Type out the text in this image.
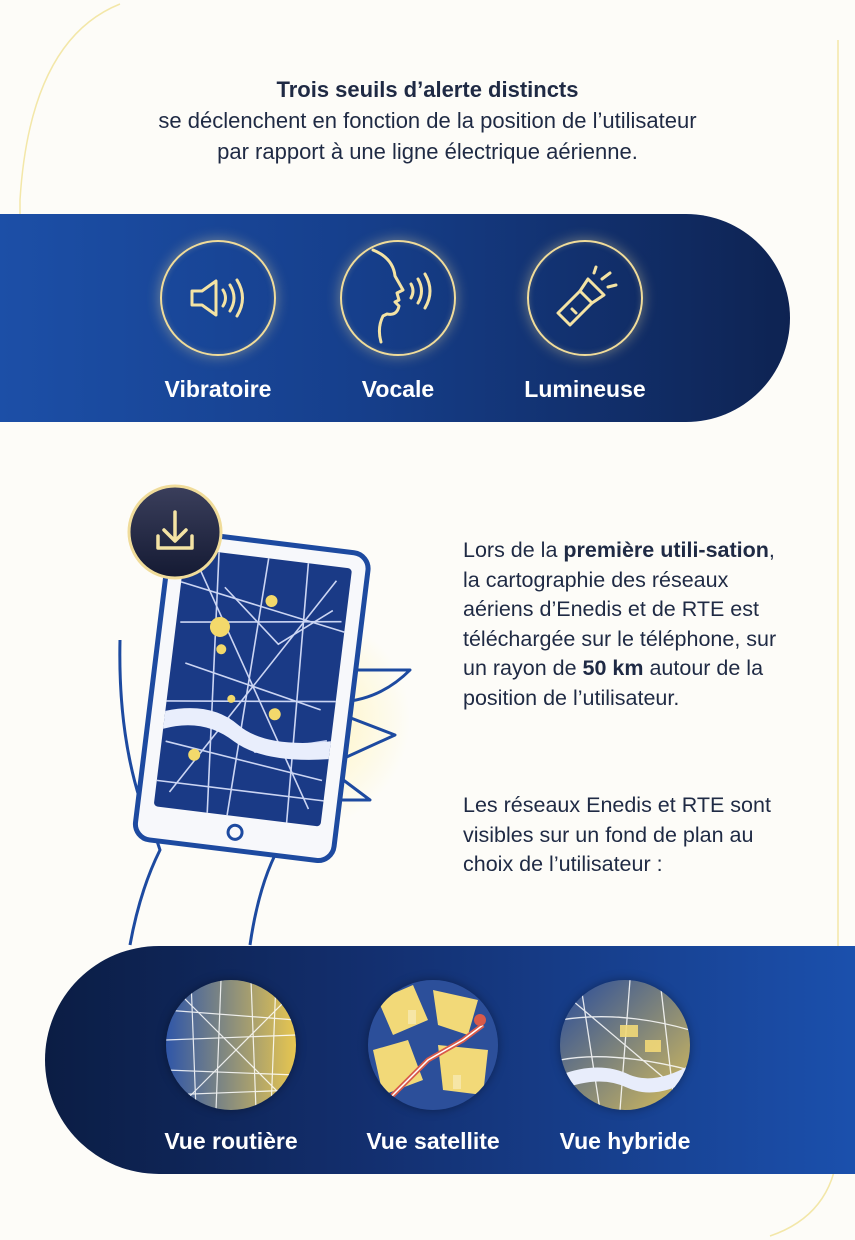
Trois seuils d’alerte distincts
se déclenchent en fonction de la position de l’utilisateur
par rapport à une ligne électrique aérienne.
Vibratoire	Vocale	Lumineuse
Lors de la première utili-sation, la cartographie des réseaux aériens d’Enedis et de RTE est téléchargée sur le téléphone, sur un rayon de 50 km autour de la position de l’utilisateur.
Les réseaux Enedis et RTE sont visibles sur un fond de plan au choix de l’utilisateur :
Vue routière	Vue satellite	Vue hybride
